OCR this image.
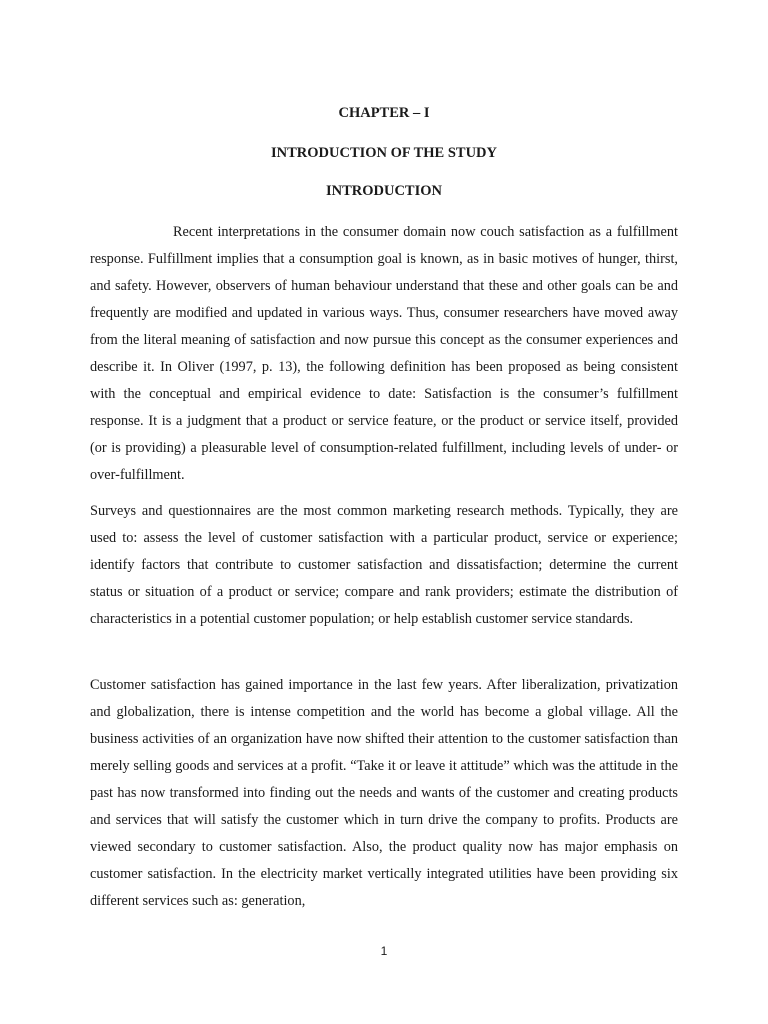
CHAPTER – I
INTRODUCTION OF THE STUDY
INTRODUCTION

Recent interpretations in the consumer domain now couch satisfaction as a fulfillment response. Fulfillment implies that a consumption goal is known, as in basic motives of hunger, thirst, and safety. However, observers of human behaviour understand that these and other goals can be and frequently are modified and updated in various ways. Thus, consumer researchers have moved away from the literal meaning of satisfaction and now pursue this concept as the consumer experiences and describe it. In Oliver (1997, p. 13), the following definition has been proposed as being consistent with the conceptual and empirical evidence to date: Satisfaction is the consumer’s fulfillment response. It is a judgment that a product or service feature, or the product or service itself, provided (or is providing) a pleasurable level of consumption-related fulfillment, including levels of under- or over-fulfillment.

Surveys and questionnaires are the most common marketing research methods. Typically, they are used to: assess the level of customer satisfaction with a particular product, service or experience; identify factors that contribute to customer satisfaction and dissatisfaction; determine the current status or situation of a product or service; compare and rank providers; estimate the distribution of characteristics in a potential customer population; or help establish customer service standards.

Customer satisfaction has gained importance in the last few years. After liberalization, privatization and globalization, there is intense competition and the world has become a global village. All the business activities of an organization have now shifted their attention to the customer satisfaction than merely selling goods and services at a profit. “Take it or leave it attitude” which was the attitude in the past has now transformed into finding out the needs and wants of the customer and creating products and services that will satisfy the customer which in turn drive the company to profits. Products are viewed secondary to customer satisfaction. Also, the product quality now has major emphasis on customer satisfaction. In the electricity market vertically integrated utilities have been providing six different services such as: generation,

1
